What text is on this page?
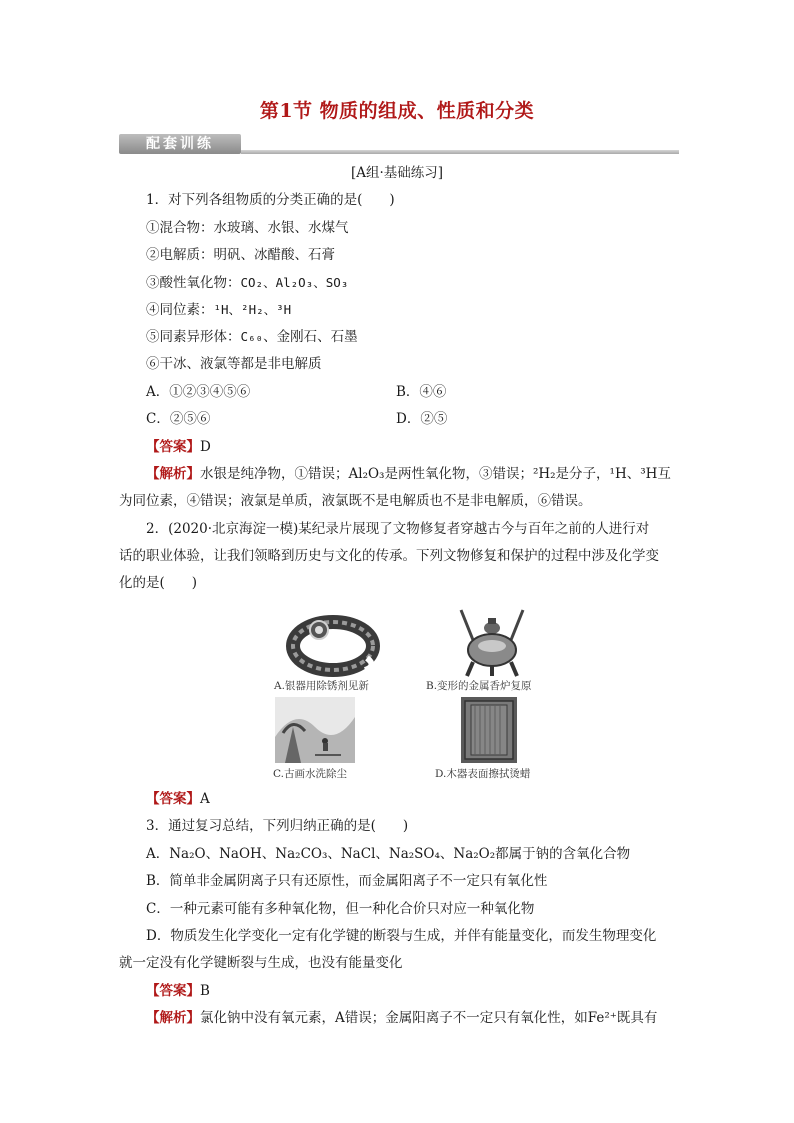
第1节 物质的组成、性质和分类
配套训练
[A组·基础练习]
1．对下列各组物质的分类正确的是(　　)
①混合物：水玻璃、水银、水煤气
②电解质：明矾、冰醋酸、石膏
③酸性氧化物：CO₂、Al₂O₃、SO₃
④同位素：¹H、²H₂、³H
⑤同素异形体：C₆₀、金刚石、石墨
⑥干冰、液氯等都是非电解质
A．①②③④⑤⑥	B．④⑥
C．②⑤⑥	D．②⑤
【答案】D
【解析】水银是纯净物，①错误；Al₂O₃是两性氧化物，③错误；²H₂是分子，¹H、³H互
为同位素，④错误；液氯是单质，液氯既不是电解质也不是非电解质，⑥错误。
2．(2020·北京海淀一模)某纪录片展现了文物修复者穿越古今与百年之前的人进行对
话的职业体验，让我们领略到历史与文化的传承。下列文物修复和保护的过程中涉及化学变
化的是(　　)
A.银器用除锈剂见新	B.变形的金属香炉复原
C.古画水洗除尘	D.木器表面擦拭烫蜡
【答案】A
3．通过复习总结，下列归纳正确的是(　　)
A．Na₂O、NaOH、Na₂CO₃、NaCl、Na₂SO₄、Na₂O₂都属于钠的含氧化合物
B．简单非金属阴离子只有还原性，而金属阳离子不一定只有氧化性
C．一种元素可能有多种氧化物，但一种化合价只对应一种氧化物
D．物质发生化学变化一定有化学键的断裂与生成，并伴有能量变化，而发生物理变化
就一定没有化学键断裂与生成，也没有能量变化
【答案】B
【解析】氯化钠中没有氧元素，A错误；金属阳离子不一定只有氧化性，如Fe²⁺既具有
